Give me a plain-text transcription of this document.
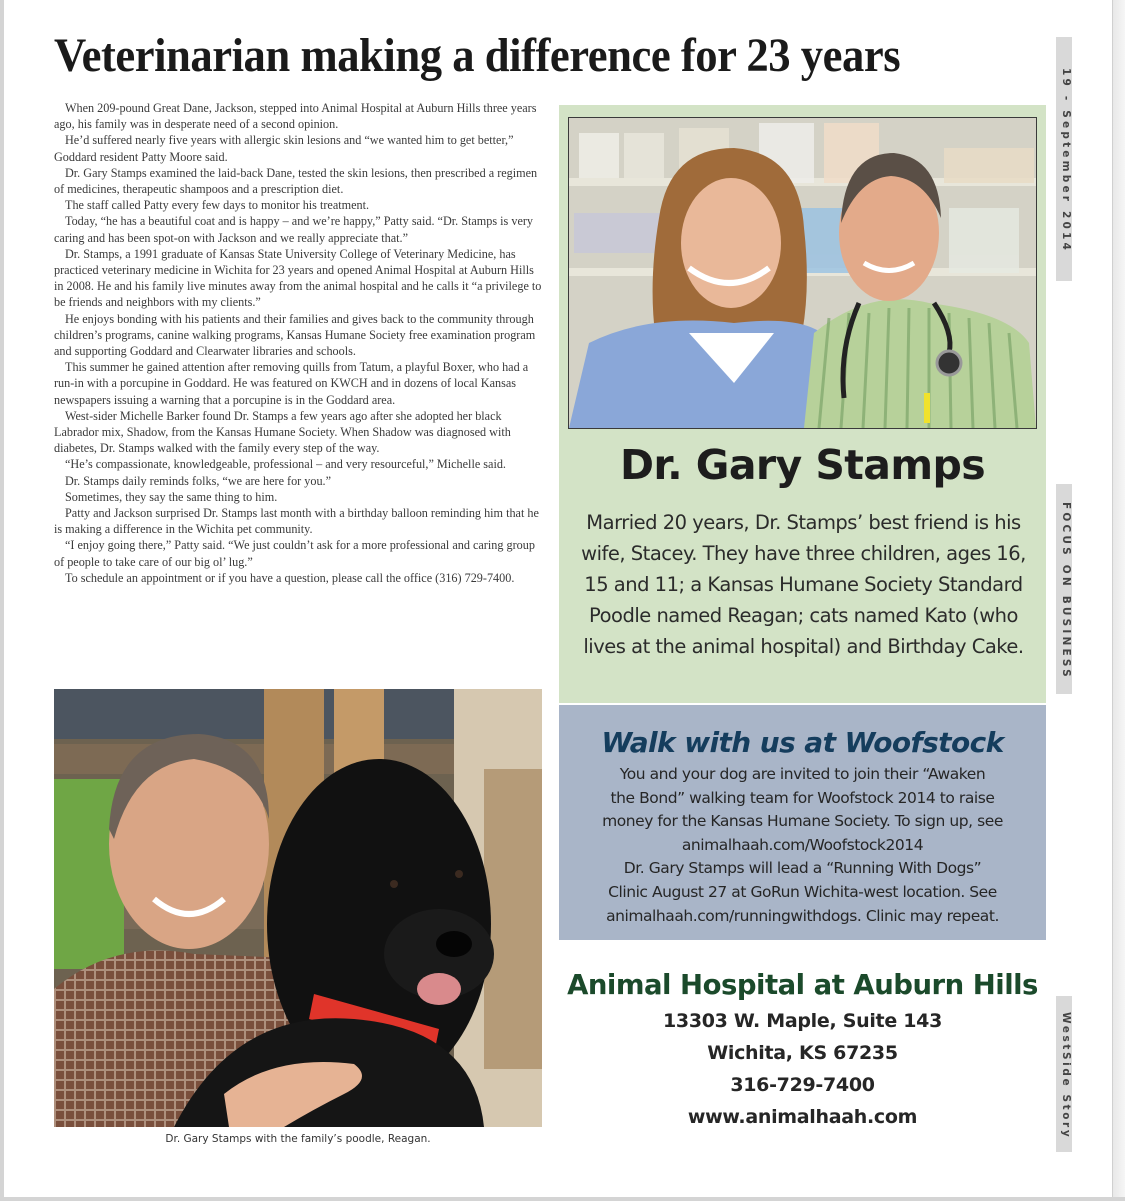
Veterinarian making a difference for 23 years
19 - September 2014
FOCUS ON BUSINESS
WestSide Story

When 209-pound Great Dane, Jackson, stepped into Animal Hospital at Auburn Hills three years ago, his family was in desperate need of a second opinion.

He’d suffered nearly five years with allergic skin lesions and “we wanted him to get better,” Goddard resident Patty Moore said.

Dr. Gary Stamps examined the laid-back Dane, tested the skin lesions, then prescribed a regimen of medicines, therapeutic shampoos and a prescription diet.

The staff called Patty every few days to monitor his treatment.

Today, “he has a beautiful coat and is happy – and we’re happy,” Patty said. “Dr. Stamps is very caring and has been spot-on with Jackson and we really appreciate that.”

Dr. Stamps, a 1991 graduate of Kansas State University College of Veterinary Medicine, has practiced veterinary medicine in Wichita for 23 years and opened Animal Hospital at Auburn Hills in 2008. He and his family live minutes away from the animal hospital and he calls it “a privilege to be friends and neighbors with my clients.”

He enjoys bonding with his patients and their families and gives back to the community through children’s programs, canine walking programs, Kansas Humane Society free examination program and supporting Goddard and Clearwater libraries and schools.

This summer he gained attention after removing quills from Tatum, a playful Boxer, who had a run-in with a porcupine in Goddard. He was featured on KWCH and in dozens of local Kansas newspapers issuing a warning that a porcupine is in the Goddard area.

West-sider Michelle Barker found Dr. Stamps a few years ago after she adopted her black Labrador mix, Shadow, from the Kansas Humane Society. When Shadow was diagnosed with diabetes, Dr. Stamps walked with the family every step of the way.

“He’s compassionate, knowledgeable, professional – and very resourceful,” Michelle said.

Dr. Stamps daily reminds folks, “we are here for you.”

Sometimes, they say the same thing to him.

Patty and Jackson surprised Dr. Stamps last month with a birthday balloon reminding him that he is making a difference in the Wichita pet community.

“I enjoy going there,” Patty said. “We just couldn’t ask for a more professional and caring group of people to take care of our big ol’ lug.”

To schedule an appointment or if you have a question, please call the office (316) 729-7400.

Dr. Gary Stamps with the family’s poodle, Reagan.
Dr. Gary Stamps
Married 20 years, Dr. Stamps’ best friend is his wife, Stacey. They have three children, ages 16, 15 and 11; a Kansas Humane Society Standard Poodle named Reagan; cats named Kato (who lives at the animal hospital) and Birthday Cake.
Walk with us at Woofstock
You and your dog are invited to join their “Awaken
the Bond” walking team for Woofstock 2014 to raise
money for the Kansas Humane Society. To sign up, see
animalhaah.com/Woofstock2014
Dr. Gary Stamps will lead a “Running With Dogs”
Clinic August 27 at GoRun Wichita-west location. See
animalhaah.com/runningwithdogs. Clinic may repeat.
Animal Hospital at Auburn Hills
13303 W. Maple, Suite 143
Wichita, KS 67235
316-729-7400
www.animalhaah.com
